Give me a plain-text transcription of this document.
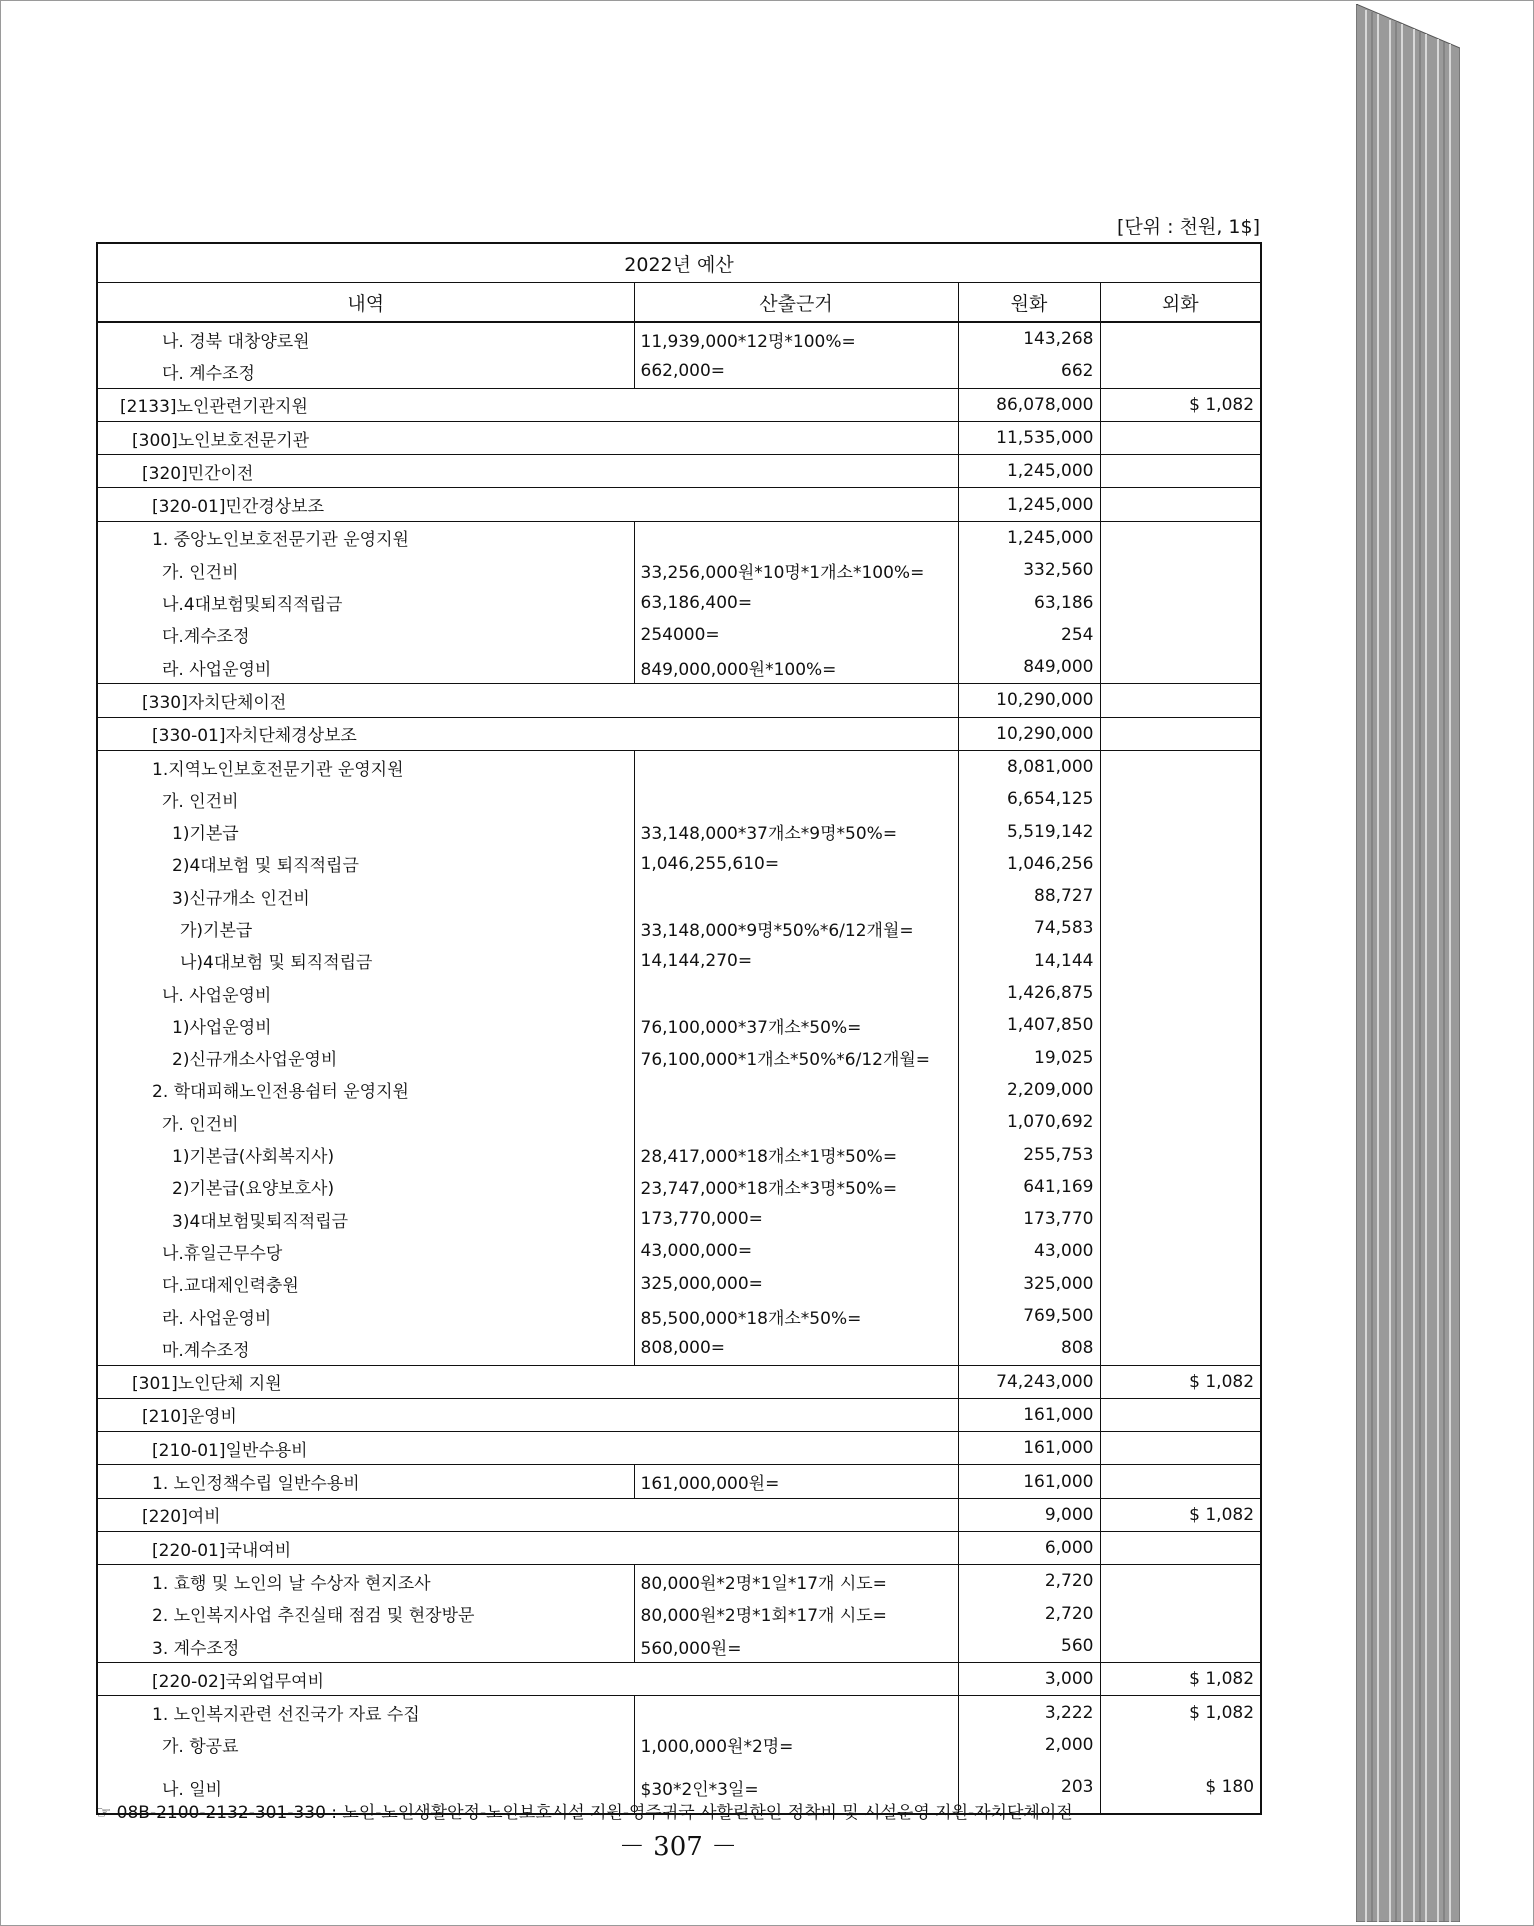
[단위 : 천원, 1$]
2022년 예산			
내역	산출근거	원화	외화
나. 경북 대창양로원	11,939,000*12명*100%=	143,268	
다. 계수조정	662,000=	662	
[2133]노인관련기관지원		86,078,000	$ 1,082
[300]노인보호전문기관		11,535,000	
[320]민간이전		1,245,000	
[320-01]민간경상보조		1,245,000	
1. 중앙노인보호전문기관 운영지원		1,245,000	
가. 인건비	33,256,000원*10명*1개소*100%=	332,560	
나.4대보험및퇴직적립금	63,186,400=	63,186	
다.계수조정	254000=	254	
라. 사업운영비	849,000,000원*100%=	849,000	
[330]자치단체이전		10,290,000	
[330-01]자치단체경상보조		10,290,000	
1.지역노인보호전문기관 운영지원		8,081,000	
가. 인건비		6,654,125	
1)기본급	33,148,000*37개소*9명*50%=	5,519,142	
2)4대보험 및 퇴직적립금	1,046,255,610=	1,046,256	
3)신규개소 인건비		88,727	
가)기본급	33,148,000*9명*50%*6/12개월=	74,583	
나)4대보험 및 퇴직적립금	14,144,270=	14,144	
나. 사업운영비		1,426,875	
1)사업운영비	76,100,000*37개소*50%=	1,407,850	
2)신규개소사업운영비	76,100,000*1개소*50%*6/12개월=	19,025	
2. 학대피해노인전용쉼터 운영지원		2,209,000	
가. 인건비		1,070,692	
1)기본급(사회복지사)	28,417,000*18개소*1명*50%=	255,753	
2)기본급(요양보호사)	23,747,000*18개소*3명*50%=	641,169	
3)4대보험및퇴직적립금	173,770,000=	173,770	
나.휴일근무수당	43,000,000=	43,000	
다.교대제인력충원	325,000,000=	325,000	
라. 사업운영비	85,500,000*18개소*50%=	769,500	
마.계수조정	808,000=	808	
[301]노인단체 지원		74,243,000	$ 1,082
[210]운영비		161,000	
[210-01]일반수용비		161,000	
1. 노인정책수립 일반수용비	161,000,000원=	161,000	
[220]여비		9,000	$ 1,082
[220-01]국내여비		6,000	
1. 효행 및 노인의 날 수상자 현지조사	80,000원*2명*1일*17개 시도=	2,720	
2. 노인복지사업 추진실태 점검 및 현장방문	80,000원*2명*1회*17개 시도=	2,720	
3. 계수조정	560,000원=	560	
[220-02]국외업무여비		3,000	$ 1,082
1. 노인복지관련 선진국가 자료 수집		3,222	$ 1,082
가. 항공료	1,000,000원*2명=	2,000	
나. 일비	$30*2인*3일=	203	$ 180
☞ 08B-2100-2132-301-330 : 노인-노인생활안정-노인보호시설 지원-영주귀국 사할린한인 정착비 및 시설운영 지원-자치단체이전
－ 307 －
